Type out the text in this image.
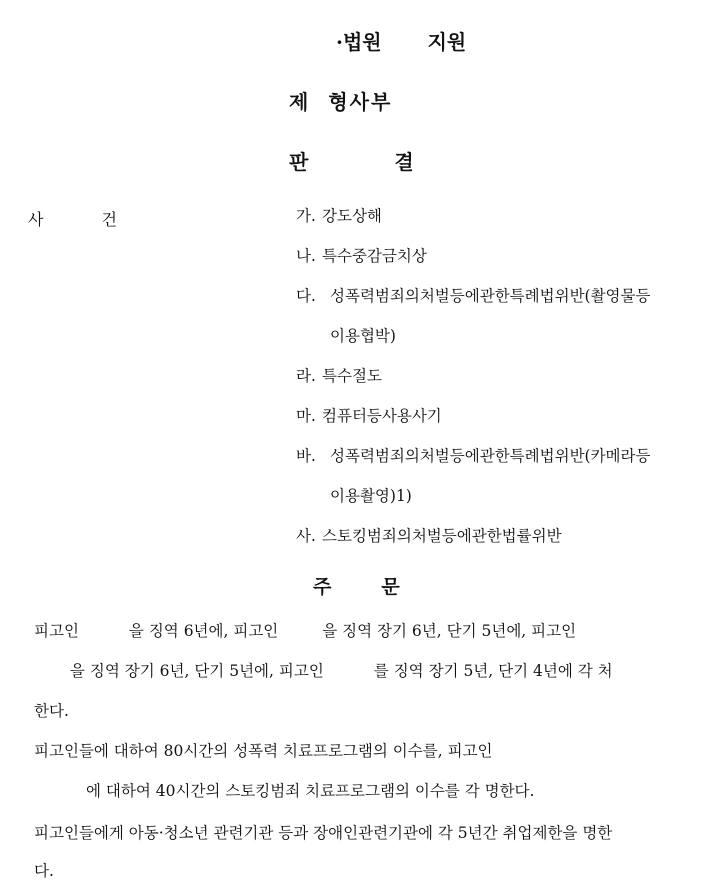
·법원 지원
제 형사부
판	결
사	건	가. 강도상해
나. 특수중감금치상
다. 성폭력범죄의처벌등에관한특례법위반(촬영물등
이용협박)
라. 특수절도
마. 컴퓨터등사용사기
바. 성폭력범죄의처벌등에관한특례법위반(카메라등
이용촬영)1)
사. 스토킹범죄의처벌등에관한법률위반
주	문
피고인	을 징역 6년에, 피고인	을 징역 장기 6년, 단기 5년에, 피고인
을 징역 장기 6년, 단기 5년에, 피고인	를 징역 장기 5년, 단기 4년에 각 처
한다.
피고인들에 대하여 80시간의 성폭력 치료프로그램의 이수를, 피고인
에 대하여 40시간의 스토킹범죄 치료프로그램의 이수를 각 명한다.
피고인들에게 아동·청소년 관련기관 등과 장애인관련기관에 각 5년간 취업제한을 명한
다.
